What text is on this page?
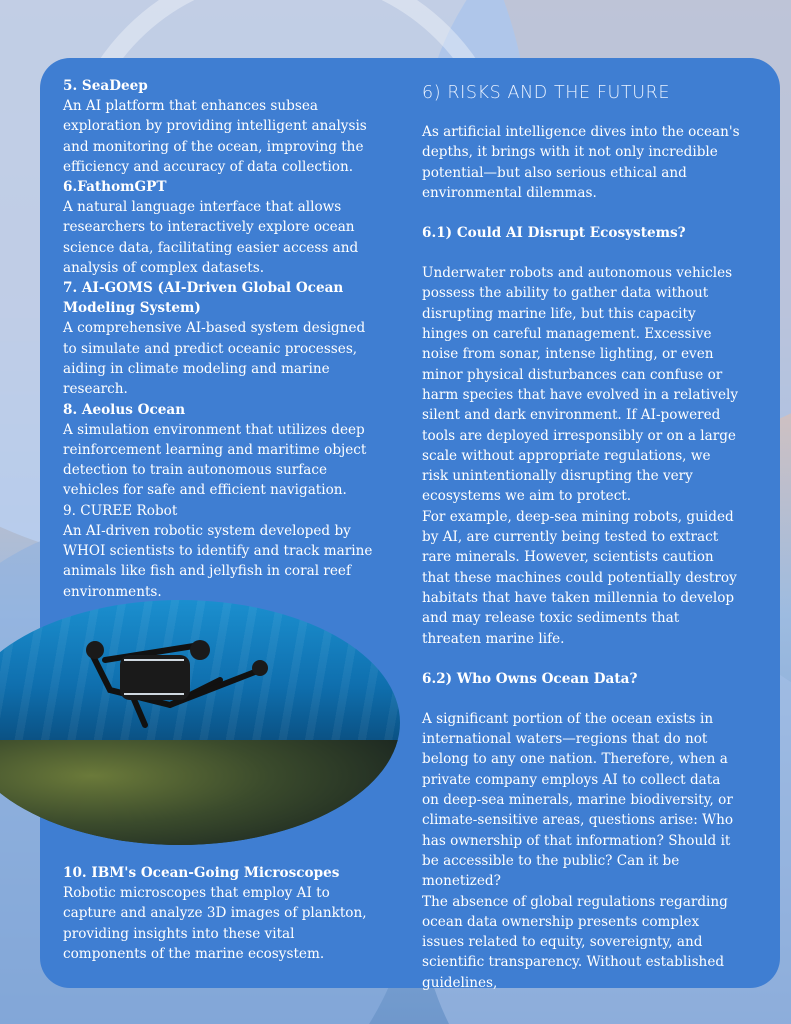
5. SeaDeep
An AI platform that enhances subsea exploration by providing intelligent analysis and monitoring of the ocean, improving the efficiency and accuracy of data collection.
6.FathomGPT
A natural language interface that allows researchers to interactively explore ocean science data, facilitating easier access and analysis of complex datasets.
7. AI-GOMS (AI-Driven Global Ocean Modeling System)
A comprehensive AI-based system designed to simulate and predict oceanic processes, aiding in climate modeling and marine research.
8. Aeolus Ocean
A simulation environment that utilizes deep reinforcement learning and maritime object detection to train autonomous surface vehicles for safe and efficient navigation.
9. CUREE Robot
An AI-driven robotic system developed by WHOI scientists to identify and track marine animals like fish and jellyfish in coral reef environments.
10. IBM's Ocean-Going Microscopes
Robotic microscopes that employ AI to capture and analyze 3D images of plankton, providing insights into these vital components of the marine ecosystem.
6) RISKS AND THE FUTURE

As artificial intelligence dives into the ocean's depths, it brings with it not only incredible potential—but also serious ethical and environmental dilemmas.

6.1) Could AI Disrupt Ecosystems?

Underwater robots and autonomous vehicles possess the ability to gather data without disrupting marine life, but this capacity hinges on careful management. Excessive noise from sonar, intense lighting, or even minor physical disturbances can confuse or harm species that have evolved in a relatively silent and dark environment. If AI-powered tools are deployed irresponsibly or on a large scale without appropriate regulations, we risk unintentionally disrupting the very ecosystems we aim to protect.

For example, deep-sea mining robots, guided by AI, are currently being tested to extract rare minerals. However, scientists caution that these machines could potentially destroy habitats that have taken millennia to develop and may release toxic sediments that threaten marine life.

6.2) Who Owns Ocean Data?

A significant portion of the ocean exists in international waters—regions that do not belong to any one nation. Therefore, when a private company employs AI to collect data on deep-sea minerals, marine biodiversity, or climate-sensitive areas, questions arise: Who has ownership of that information? Should it be accessible to the public? Can it be monetized?

The absence of global regulations regarding ocean data ownership presents complex issues related to equity, sovereignty, and scientific transparency. Without established guidelines,
